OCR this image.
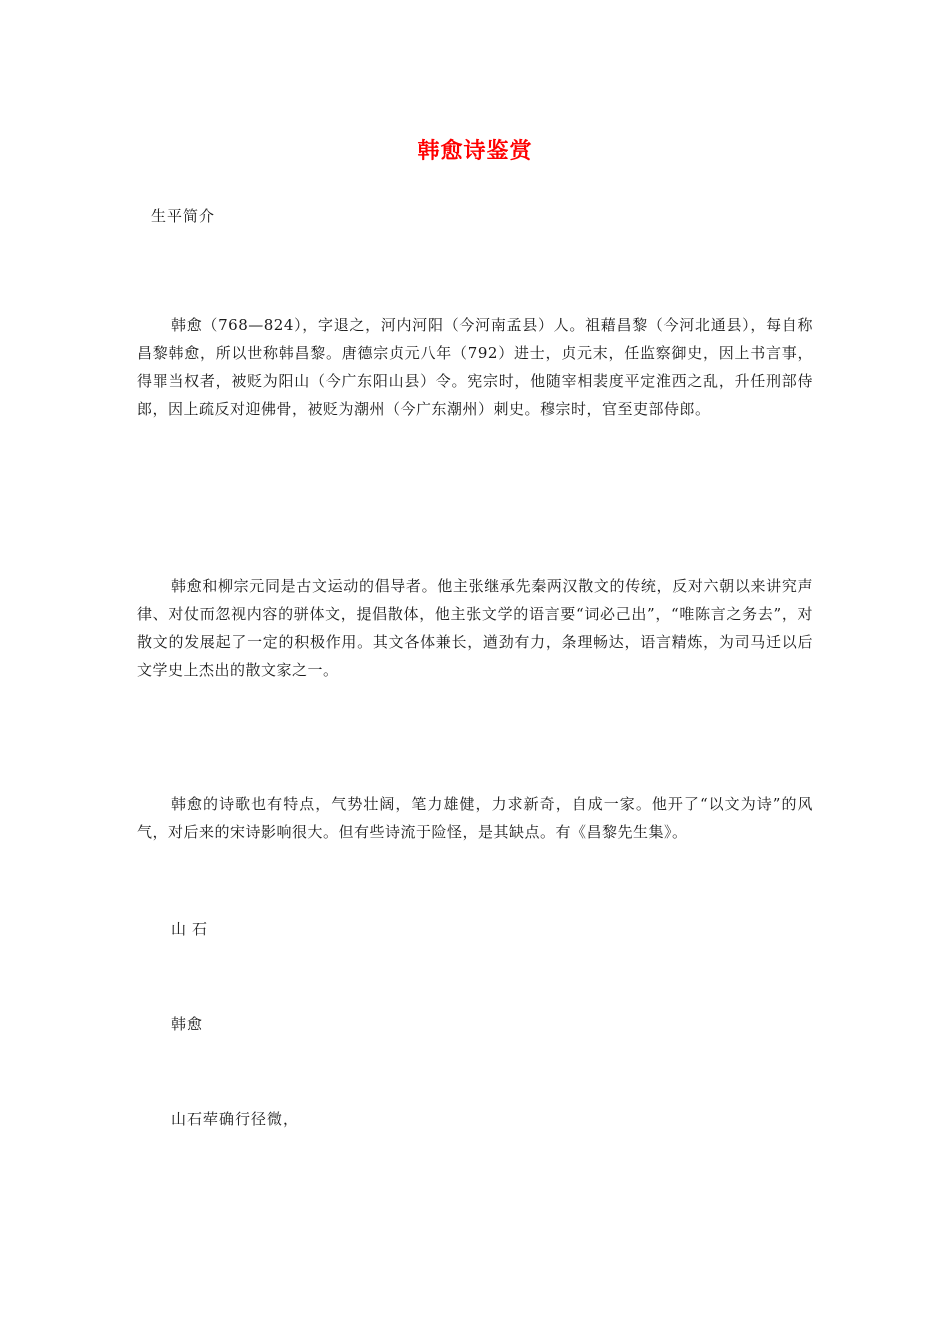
韩愈诗鉴赏
生平简介

韩愈（768—824），字退之，河内河阳（今河南孟县）人。祖藉昌黎（今河北通县），每自称昌黎韩愈，所以世称韩昌黎。唐德宗贞元八年（792）进士，贞元末，任监察御史，因上书言事，得罪当权者，被贬为阳山（今广东阳山县）令。宪宗时，他随宰相裴度平定淮西之乱，升任刑部侍郎，因上疏反对迎佛骨，被贬为潮州（今广东潮州）刺史。穆宗时，官至吏部侍郎。

韩愈和柳宗元同是古文运动的倡导者。他主张继承先秦两汉散文的传统，反对六朝以来讲究声律、对仗而忽视内容的骈体文，提倡散体，他主张文学的语言要“词必己出”，“唯陈言之务去”，对散文的发展起了一定的积极作用。其文各体兼长，遒劲有力，条理畅达，语言精炼，为司马迁以后文学史上杰出的散文家之一。

韩愈的诗歌也有特点，气势壮阔，笔力雄健，力求新奇，自成一家。他开了“以文为诗”的风气，对后来的宋诗影响很大。但有些诗流于险怪，是其缺点。有《昌黎先生集》。

山石
韩愈
山石荦确行径微，
